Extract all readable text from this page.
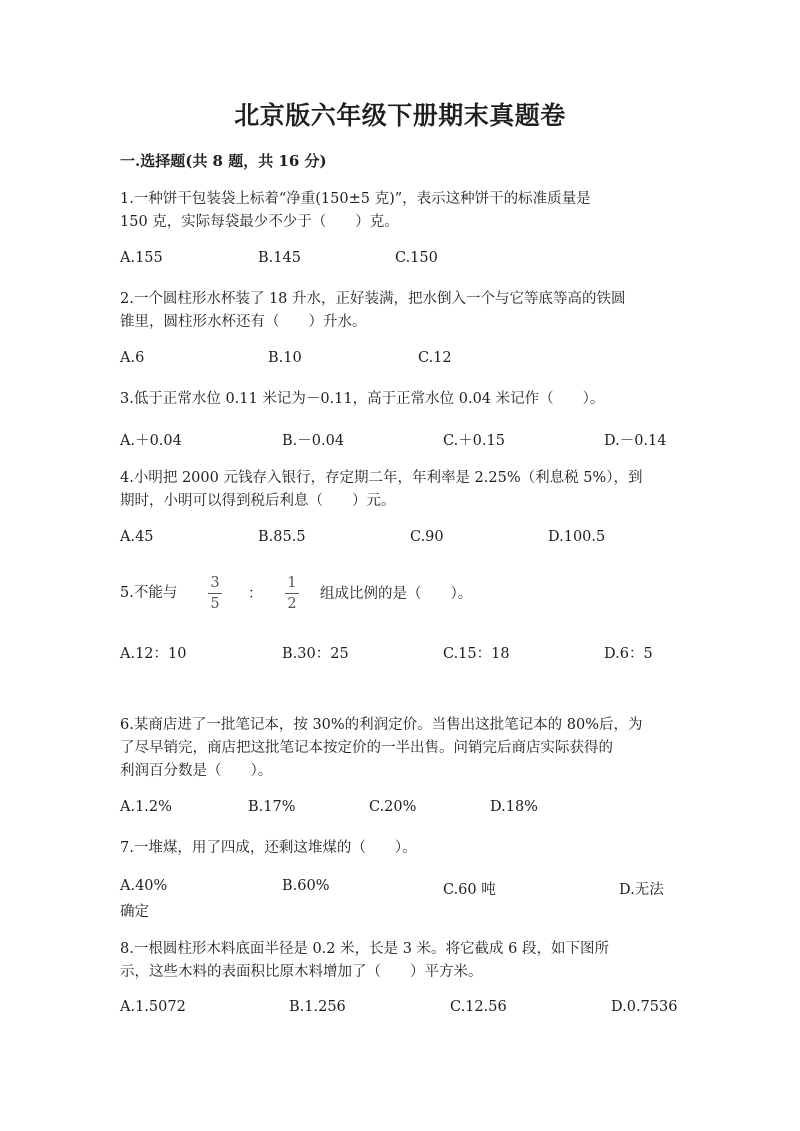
北京版六年级下册期末真题卷
一.选择题(共 8 题，共 16 分)
1.一种饼干包装袋上标着“净重(150±5 克)”，表示这种饼干的标准质量是
150 克，实际每袋最少不少于（　　）克。
A.155	B.145	C.150
2.一个圆柱形水杯装了 18 升水，正好装满，把水倒入一个与它等底等高的铁圆
锥里，圆柱形水杯还有（　　）升水。
A.6	B.10	C.12
3.低于正常水位 0.11 米记为－0.11，高于正常水位 0.04 米记作（　　）。
A.＋0.04	B.－0.04	C.＋0.15	D.－0.14
4.小明把 2000 元钱存入银行，存定期二年，年利率是 2.25%（利息税 5%），到
期时，小明可以得到税后利息（　　）元。
A.45	B.85.5	C.90	D.100.5
5.不能与
3
5
：
1
2
组成比例的是（　　）。
A.12：10	B.30：25	C.15：18	D.6：5
6.某商店进了一批笔记本，按 30%的利润定价。当售出这批笔记本的 80%后，为
了尽早销完，商店把这批笔记本按定价的一半出售。问销完后商店实际获得的
利润百分数是（　　）。
A.1.2%	B.17%	C.20%	D.18%
7.一堆煤，用了四成，还剩这堆煤的（　　）。
A.40%	B.60%	C.60 吨	D.无法
确定
8.一根圆柱形木料底面半径是 0.2 米，长是 3 米。将它截成 6 段，如下图所
示，这些木料的表面积比原木料增加了（　　）平方米。
A.1.5072	B.1.256	C.12.56	D.0.7536
